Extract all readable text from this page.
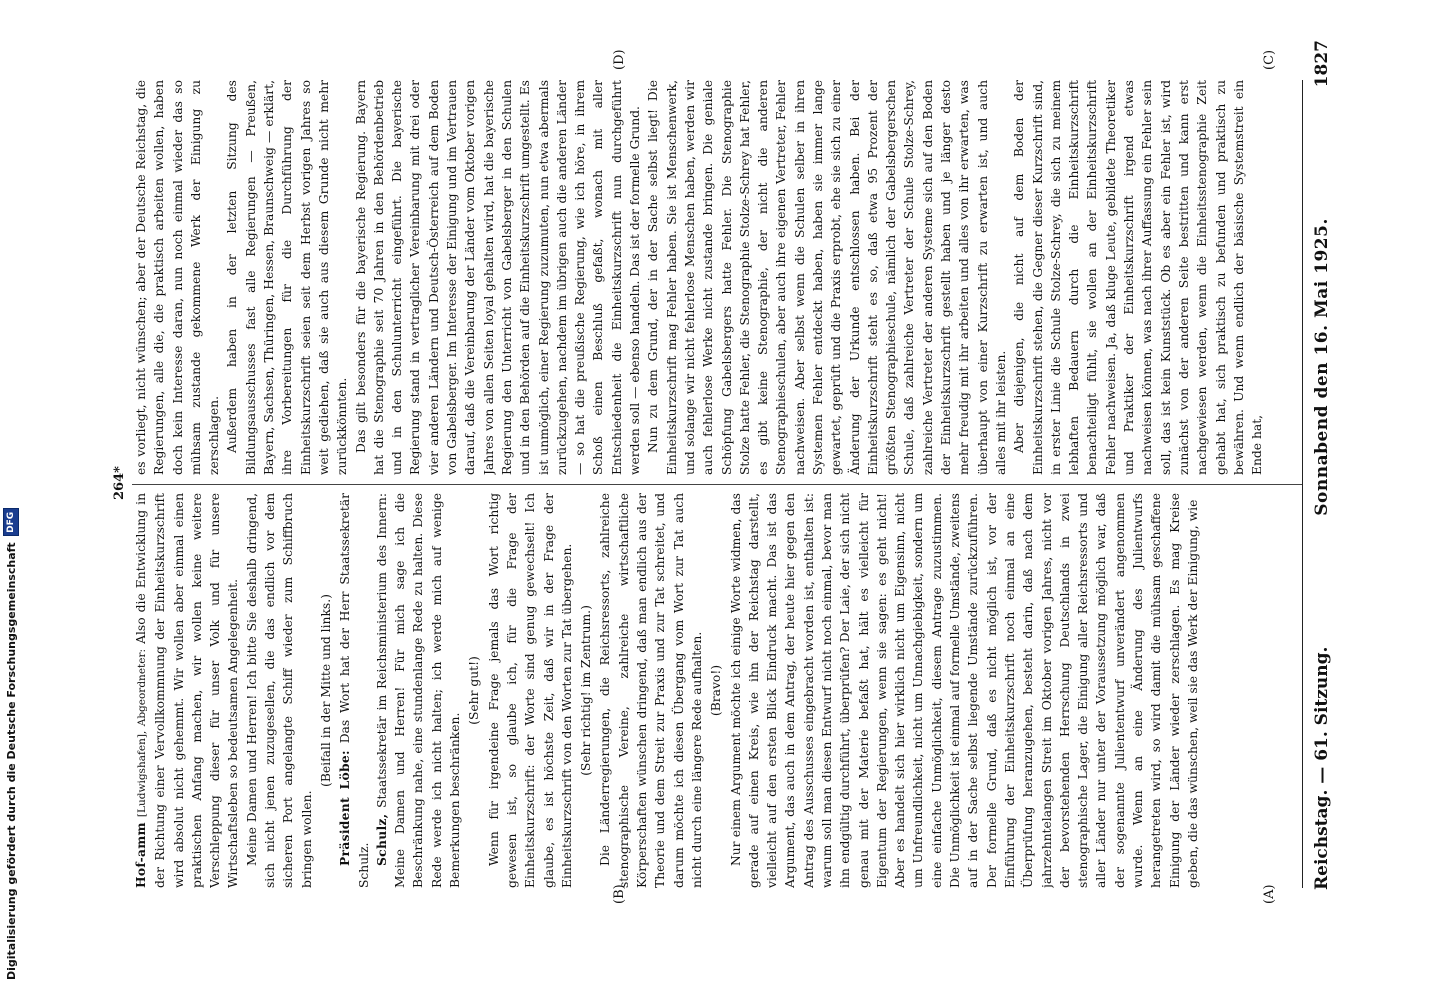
Reichstag. — 61. Sitzung.
Sonnabend den 16. Mai 1925.
1827
(A)
(B)
(C)
(D)

Hof-amm [Ludwigshafen], Abgeordneter: Also die Entwicklung in der Richtung einer Vervollkommnung der Einheitskurzschrift wird absolut nicht gehemmt. Wir wollen aber einmal einen praktischen Anfang machen, wir wollen keine weitere Verschleppung dieser für unser Volk und für unsere Wirtschaftsleben so bedeutsamen Angelegenheit. Meine Damen und Herren! Ich bitte Sie deshalb dringend, sich nicht jenen zuzugesellen, die das endlich vor dem sicheren Port angelangte Schiff wieder zum Schiffbruch bringen wollen.

(Beifall in der Mitte und links.)

Präsident Löbe: Das Wort hat der Herr Staatssekretär Schulz. Schulz, Staatssekretär im Reichsministerium des Innern: Meine Damen und Herren! Für mich sage ich die Beschränkung nahe, eine stundenlange Rede zu halten. Diese Rede werde ich nicht halten; ich werde mich auf wenige Bemerkungen beschränken.

(Sehr gut!) Wenn für irgendeine Frage jemals das Wort richtig gewesen ist, so glaube ich, für die Frage der Einheitskurzschrift: der Worte sind genug gewechselt! Ich glaube, es ist höchste Zeit, daß wir in der Frage der Einheitskurzschrift von den Worten zur Tat übergehen. (Sehr richtig! im Zentrum.) Die Länderregierungen, die Reichsressorts, zahlreiche stenographische Vereine, zahlreiche wirtschaftliche Körperschaften wünschen dringend, daß man endlich aus der Theorie und dem Streit zur Praxis und zur Tat schreitet, und darum möchte ich diesen Übergang vom Wort zur Tat auch nicht durch eine längere Rede aufhalten. (Bravo!) Nur einem Argument möchte ich einige Worte widmen, das gerade auf einen Kreis, wie ihn der Reichstag darstellt, vielleicht auf den ersten Blick Eindruck macht. Das ist das Argument, das auch in dem Antrag, der heute hier gegen den Antrag des Ausschusses eingebracht worden ist, enthalten ist: warum soll man diesen Entwurf nicht noch einmal, bevor man ihn endgültig durchführt, überprüfen? Der Laie, der sich nicht genau mit der Materie befaßt hat, hält es vielleicht für Eigentum der Regierungen, wenn sie sagen: es geht nicht! Aber es handelt sich hier wirklich nicht um Eigensinn, nicht um Unfreundlichkeit, nicht um Unnachgiebigkeit, sondern um eine einfache Unmöglichkeit, diesem Antrage zuzustimmen. Die Unmöglichkeit ist einmal auf formelle Umstände, zweitens auf in der Sache selbst liegende Umstände zurückzuführen. Der formelle Grund, daß es nicht möglich ist, vor der Einführung der Einheitskurzschrift noch einmal an eine Überprüfung heranzugehen, besteht darin, daß nach dem jahrzehntelangen Streit im Oktober vorigen Jahres, nicht vor der bevorstehenden Herrschung Deutschlands in zwei stenographische Lager, die Einigung aller Reichsressorts und aller Länder nur unter der Voraussetzung möglich war, daß der sogenannte Juliententwurf unverändert angenommen wurde. Wenn an eine Änderung des Julientwurfs herangetreten wird, so wird damit die mühsam geschaffene Einigung der Länder wieder zerschlagen. Es mag Kreise geben, die das wünschen, weil sie das Werk der Einigung, wie

es vorliegt, nicht wünschen; aber der Deutsche Reichstag, die Regierungen, alle die, die praktisch arbeiten wollen, haben doch kein Interesse daran, nun noch einmal wieder das so mühsam zustande gekommene Werk der Einigung zu zerschlagen. Außerdem haben in der letzten Sitzung des Bildungsausschusses fast alle Regierungen — Preußen, Bayern, Sachsen, Thüringen, Hessen, Braunschweig — erklärt, ihre Vorbereitungen für die Durchführung der Einheitskurzschrift seien seit dem Herbst vorigen Jahres so weit gediehen, daß sie auch aus diesem Grunde nicht mehr zurückkönnten. Das gilt besonders für die bayerische Regierung. Bayern hat die Stenographie seit 70 Jahren in den Behördenbetrieb und in den Schulunterricht eingeführt. Die bayerische Regierung stand in vertraglicher Vereinbarung mit drei oder vier anderen Ländern und Deutsch-Österreich auf dem Boden von Gabelsberger. Im Interesse der Einigung und im Vertrauen darauf, daß die Vereinbarung der Länder vom Oktober vorigen Jahres von allen Seiten loyal gehalten wird, hat die bayerische Regierung den Unterricht von Gabelsberger in den Schulen und in den Behörden auf die Einheitskurzschrift umgestellt. Es ist unmöglich, einer Regierung zuzumuten, nun etwa abermals zurückzugehen, nachdem im übrigen auch die anderen Länder — so hat die preußische Regierung, wie ich höre, in ihrem Schoß einen Beschluß gefaßt, wonach mit aller Entschiedenheit die Einheitskurzschrift nun durchgeführt werden soll — ebenso handeln. Das ist der formelle Grund. Nun zu dem Grund, der in der Sache selbst liegt! Die Einheitskurzschrift mag Fehler haben. Sie ist Menschenwerk, und solange wir nicht fehlerlose Menschen haben, werden wir auch fehlerlose Werke nicht zustande bringen. Die geniale Schöpfung Gabelsbergers hatte Fehler. Die Stenographie Stolze hatte Fehler, die Stenographie Stolze-Schrey hat Fehler, es gibt keine Stenographie, der nicht die anderen Stenographieschulen, aber auch ihre eigenen Vertreter, Fehler nachweisen. Aber selbst wenn die Schulen selber in ihren Systemen Fehler entdeckt haben, haben sie immer lange gewartet, geprüft und die Praxis erprobt, ehe sie sich zu einer Änderung der Urkunde entschlossen haben. Bei der Einheitskurzschrift steht es so, daß etwa 95 Prozent der größten Stenographieschule, nämlich der Gabelsbergerschen Schule, daß zahlreiche Vertreter der Schule Stolze-Schrey, zahlreiche Vertreter der anderen Systeme sich auf den Boden der Einheitskurzschrift gestellt haben und je länger desto mehr freudig mit ihr arbeiten und alles von ihr erwarten, was überhaupt von einer Kurzschrift zu erwarten ist, und auch alles mit ihr leisten. Aber diejenigen, die nicht auf dem Boden der Einheitskurzschrift stehen, die Gegner dieser Kurzschrift sind, in erster Linie die Schule Stolze-Schrey, die sich zu meinem lebhaften Bedauern durch die Einheitskurzschrift benachteiligt fühlt, sie wollen an der Einheitskurzschrift Fehler nachweisen. Ja, daß kluge Leute, gebildete Theoretiker und Praktiker der Einheitskurzschrift irgend etwas nachweisen können, was nach ihrer Auffassung ein Fehler sein soll, das ist kein Kunststück. Ob es aber ein Fehler ist, wird zunächst von der anderen Seite bestritten und kann erst nachgewiesen werden, wenn die Einheitsstenographie Zeit gehabt hat, sich praktisch zu befunden und praktisch zu bewähren. Und wenn endlich der bäsische Systemstreit ein Ende hat,

264*
Digitalisierung gefördert durch die Deutsche Forschungsgemeinschaft
DFG
